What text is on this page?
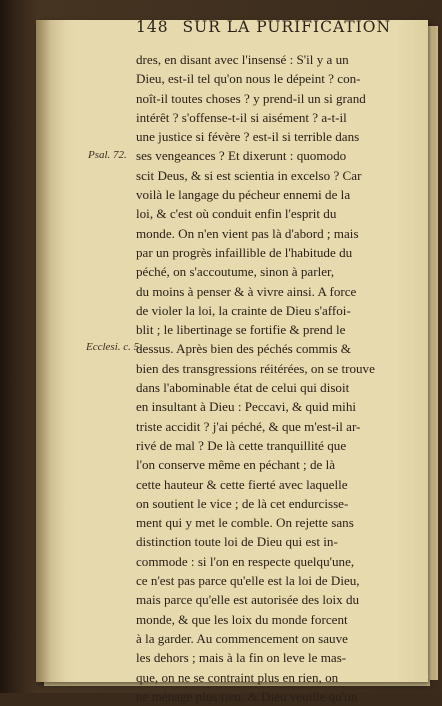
148 SUR LA PURIFICATION
Psal. 72.
Ecclesi. c. 5.
dres, en disant avec l'insensé : S'il y a un
Dieu, est-il tel qu'on nous le dépeint ? con-
noît-il toutes choses ? y prend-il un si grand
intérêt ? s'offense-t-il si aisément ? a-t-il
une justice si févère ? est-il si terrible dans
ses vengeances ? Et dixerunt : quomodo
scit Deus, & si est scientia in excelso ? Car
voilà le langage du pécheur ennemi de la
loi, & c'est où conduit enfin l'esprit du
monde. On n'en vient pas là d'abord ; mais
par un progrès infaillible de l'habitude du
péché, on s'accoutume, sinon à parler,
du moins à penser & à vivre ainsi. A force
de violer la loi, la crainte de Dieu s'affoi-
blit ; le libertinage se fortifie & prend le
dessus. Après bien des péchés commis &
bien des transgressions réitérées, on se trouve
dans l'abominable état de celui qui disoit
en insultant à Dieu : Peccavi, & quid mihi
triste accidit ? j'ai péché, & que m'est-il ar-
rivé de mal ? De là cette tranquillité que
l'on conserve même en péchant ; de là
cette hauteur & cette fierté avec laquelle
on soutient le vice ; de là cet endurcisse-
ment qui y met le comble. On rejette sans
distinction toute loi de Dieu qui est in-
commode : si l'on en respecte quelqu'une,
ce n'est pas parce qu'elle est la loi de Dieu,
mais parce qu'elle est autorisée des loix du
monde, & que les loix du monde forcent
à la garder. Au commencement on sauve
les dehors ; mais à la fin on leve le mas-
que, on ne se contraint plus en rien, on
ne ménage plus rien, & Dieu veuille qu'on
